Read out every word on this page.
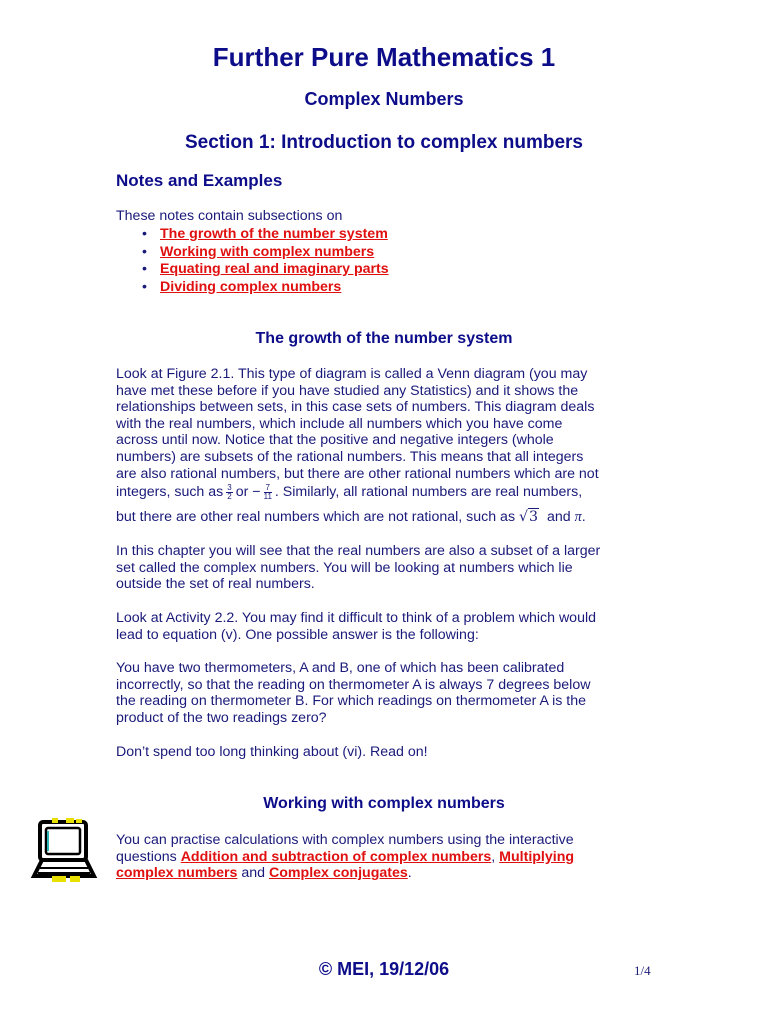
Further Pure Mathematics 1
Complex Numbers
Section 1: Introduction to complex numbers
Notes and Examples
These notes contain subsections on
• The growth of the number system
• Working with complex numbers
• Equating real and imaginary parts
• Dividing complex numbers
The growth of the number system
Look at Figure 2.1. This type of diagram is called a Venn diagram (you may
have met these before if you have studied any Statistics) and it shows the
relationships between sets, in this case sets of numbers. This diagram deals
with the real numbers, which include all numbers which you have come
across until now. Notice that the positive and negative integers (whole
numbers) are subsets of the rational numbers. This means that all integers
are also rational numbers, but there are other rational numbers which are not
integers, such as $\frac{3}{2}$ or − $\frac{7}{11}$ . Similarly, all rational numbers are real numbers,
but there are other real numbers which are not rational, such as √3 and π.
In this chapter you will see that the real numbers are also a subset of a larger
set called the complex numbers. You will be looking at numbers which lie
outside the set of real numbers.
Look at Activity 2.2. You may find it difficult to think of a problem which would
lead to equation (v). One possible answer is the following:
You have two thermometers, A and B, one of which has been calibrated
incorrectly, so that the reading on thermometer A is always 7 degrees below
the reading on thermometer B. For which readings on thermometer A is the
product of the two readings zero?
Don’t spend too long thinking about (vi). Read on!
Working with complex numbers
You can practise calculations with complex numbers using the interactive
questions Addition and subtraction of complex numbers, Multiplying
complex numbers and Complex conjugates.
© MEI, 19/12/06	1/4
